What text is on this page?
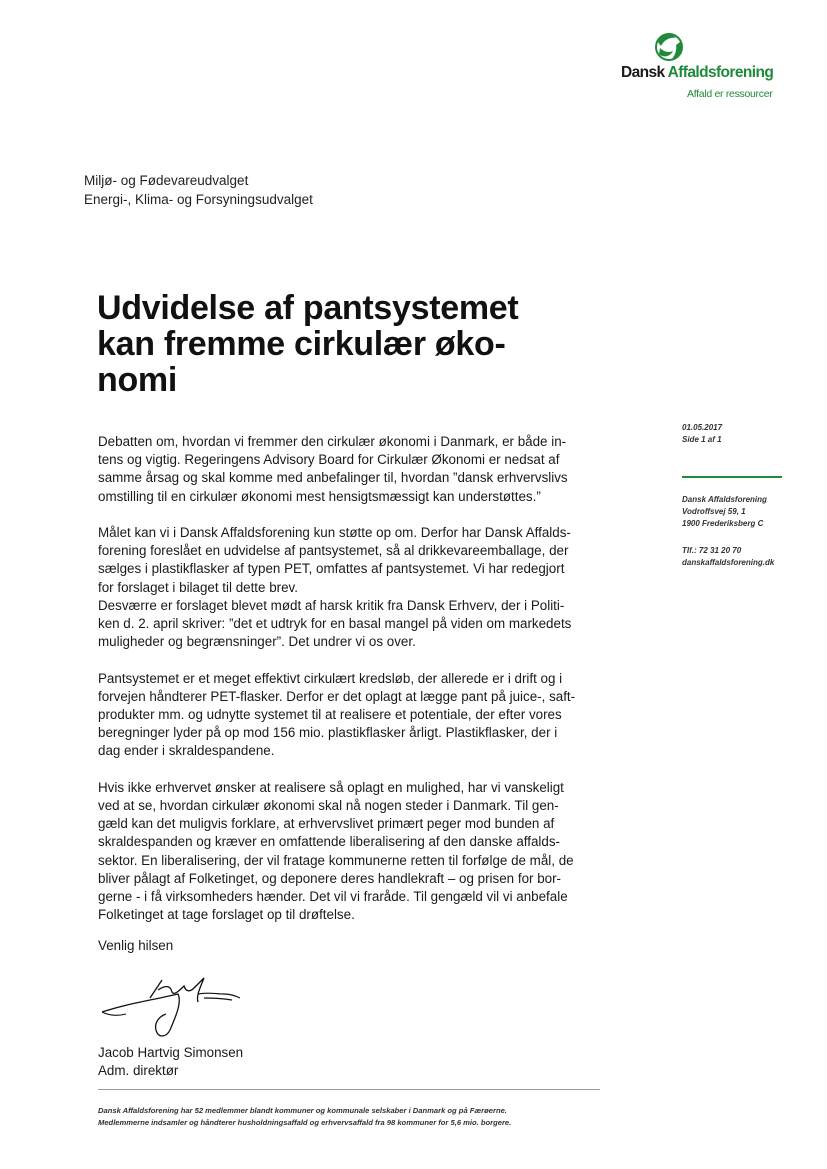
Dansk Affaldsforening
Affald er ressourcer
Miljø- og Fødevareudvalget
Energi-, Klima- og Forsyningsudvalget
Udvidelse af pantsystemet
kan fremme cirkulær øko-
nomi
01.05.2017
Side 1 af 1
Dansk Affaldsforening
Vodroffsvej 59, 1
1900 Frederiksberg C
Tlf.: 72 31 20 70
danskaffaldsforening.dk
Debatten om, hvordan vi fremmer den cirkulær økonomi i Danmark, er både in-
tens og vigtig. Regeringens Advisory Board for Cirkulær Økonomi er nedsat af
samme årsag og skal komme med anbefalinger til, hvordan ”dansk erhvervslivs
omstilling til en cirkulær økonomi mest hensigtsmæssigt kan understøttes.”
Målet kan vi i Dansk Affaldsforening kun støtte op om. Derfor har Dansk Affalds-
forening foreslået en udvidelse af pantsystemet, så al drikkevareemballage, der
sælges i plastikflasker af typen PET, omfattes af pantsystemet. Vi har redegjort
for forslaget i bilaget til dette brev.
Desværre er forslaget blevet mødt af harsk kritik fra Dansk Erhverv, der i Politi-
ken d. 2. april skriver: ”det et udtryk for en basal mangel på viden om markedets
muligheder og begrænsninger”. Det undrer vi os over.
Pantsystemet er et meget effektivt cirkulært kredsløb, der allerede er i drift og i
forvejen håndterer PET-flasker. Derfor er det oplagt at lægge pant på juice-, saft-
produkter mm. og udnytte systemet til at realisere et potentiale, der efter vores
beregninger lyder på op mod 156 mio. plastikflasker årligt. Plastikflasker, der i
dag ender i skraldespandene.
Hvis ikke erhvervet ønsker at realisere så oplagt en mulighed, har vi vanskeligt
ved at se, hvordan cirkulær økonomi skal nå nogen steder i Danmark. Til gen-
gæld kan det muligvis forklare, at erhvervslivet primært peger mod bunden af
skraldespanden og kræver en omfattende liberalisering af den danske affalds-
sektor. En liberalisering, der vil fratage kommunerne retten til forfølge de mål, de
bliver pålagt af Folketinget, og deponere deres handlekraft – og prisen for bor-
gerne - i få virksomheders hænder. Det vil vi fraråde. Til gengæld vil vi anbefale
Folketinget at tage forslaget op til drøftelse.
Venlig hilsen
Jacob Hartvig Simonsen
Adm. direktør
Dansk Affaldsforening har 52 medlemmer blandt kommuner og kommunale selskaber i Danmark og på Færøerne.
Medlemmerne indsamler og håndterer husholdningsaffald og erhvervsaffald fra 98 kommuner for 5,6 mio. borgere.
